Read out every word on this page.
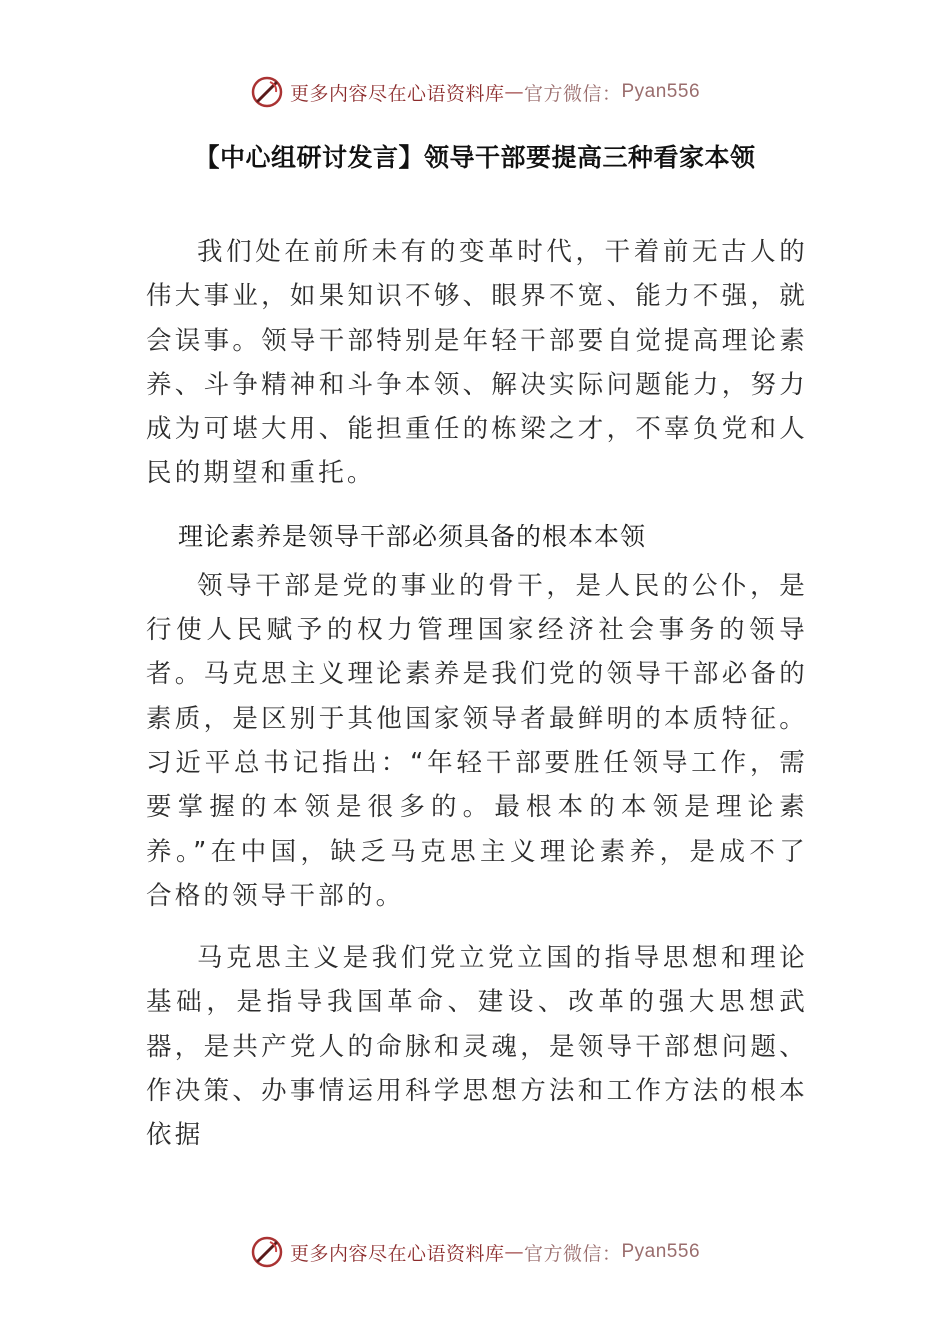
更多内容尽在心语资料库 — 官方微信： Pyan556
【中心组研讨发言】领导干部要提高三种看家本领

我们处在前所未有的变革时代，干着前无古人的伟大事业，如果知识不够、眼界不宽、能力不强，就会误事。领导干部特别是年轻干部要自觉提高理论素养、斗争精神和斗争本领、解决实际问题能力，努力成为可堪大用、能担重任的栋梁之才，不辜负党和人民的期望和重托。

理论素养是领导干部必须具备的根本本领

领导干部是党的事业的骨干，是人民的公仆，是行使人民赋予的权力管理国家经济社会事务的领导者。马克思主义理论素养是我们党的领导干部必备的素质，是区别于其他国家领导者最鲜明的本质特征。习近平总书记指出：“年轻干部要胜任领导工作，需要掌握的本领是很多的。最根本的本领是理论素养。”在中国，缺乏马克思主义理论素养，是成不了合格的领导干部的。

马克思主义是我们党立党立国的指导思想和理论基础，是指导我国革命、建设、改革的强大思想武器，是共产党人的命脉和灵魂，是领导干部想问题、作决策、办事情运用科学思想方法和工作方法的根本依据

更多内容尽在心语资料库 — 官方微信： Pyan556
